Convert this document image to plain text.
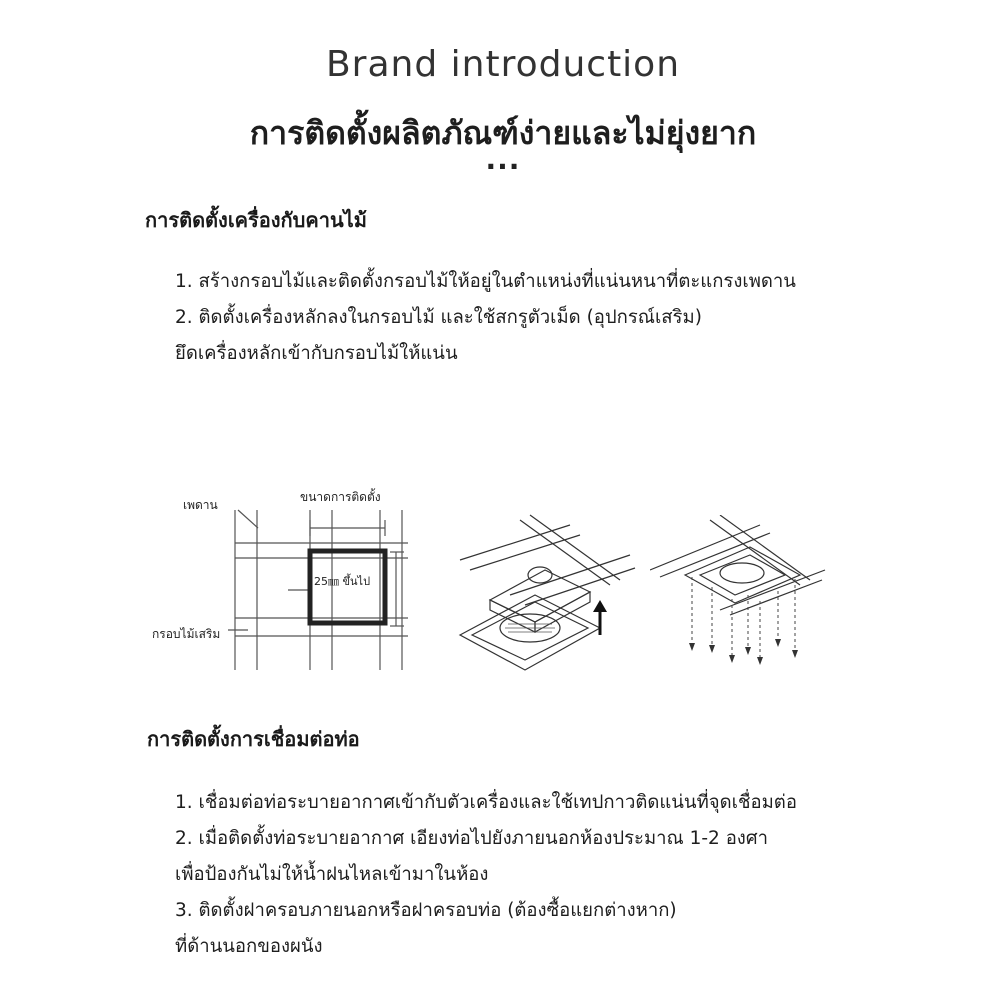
Brand introduction
การติดตั้งผลิตภัณฑ์ง่ายและไม่ยุ่งยาก
···
การติดตั้งเครื่องกับคานไม้
1. สร้างกรอบไม้และติดตั้งกรอบไม้ให้อยู่ในตำแหน่งที่แน่นหนาที่ตะแกรงเพดาน
2. ติดตั้งเครื่องหลักลงในกรอบไม้ และใช้สกรูตัวเม็ด (อุปกรณ์เสริม)
ยึดเครื่องหลักเข้ากับกรอบไม้ให้แน่น
เพดาน
ขนาดการติดตั้ง
25㎜ ขึ้นไป
กรอบไม้เสริม
การติดตั้งการเชื่อมต่อท่อ
1. เชื่อมต่อท่อระบายอากาศเข้ากับตัวเครื่องและใช้เทปกาวติดแน่นที่จุดเชื่อมต่อ
2. เมื่อติดตั้งท่อระบายอากาศ เอียงท่อไปยังภายนอกห้องประมาณ 1-2 องศา
เพื่อป้องกันไม่ให้น้ำฝนไหลเข้ามาในห้อง
3. ติดตั้งฝาครอบภายนอกหรือฝาครอบท่อ (ต้องซื้อแยกต่างหาก)
ที่ด้านนอกของผนัง
